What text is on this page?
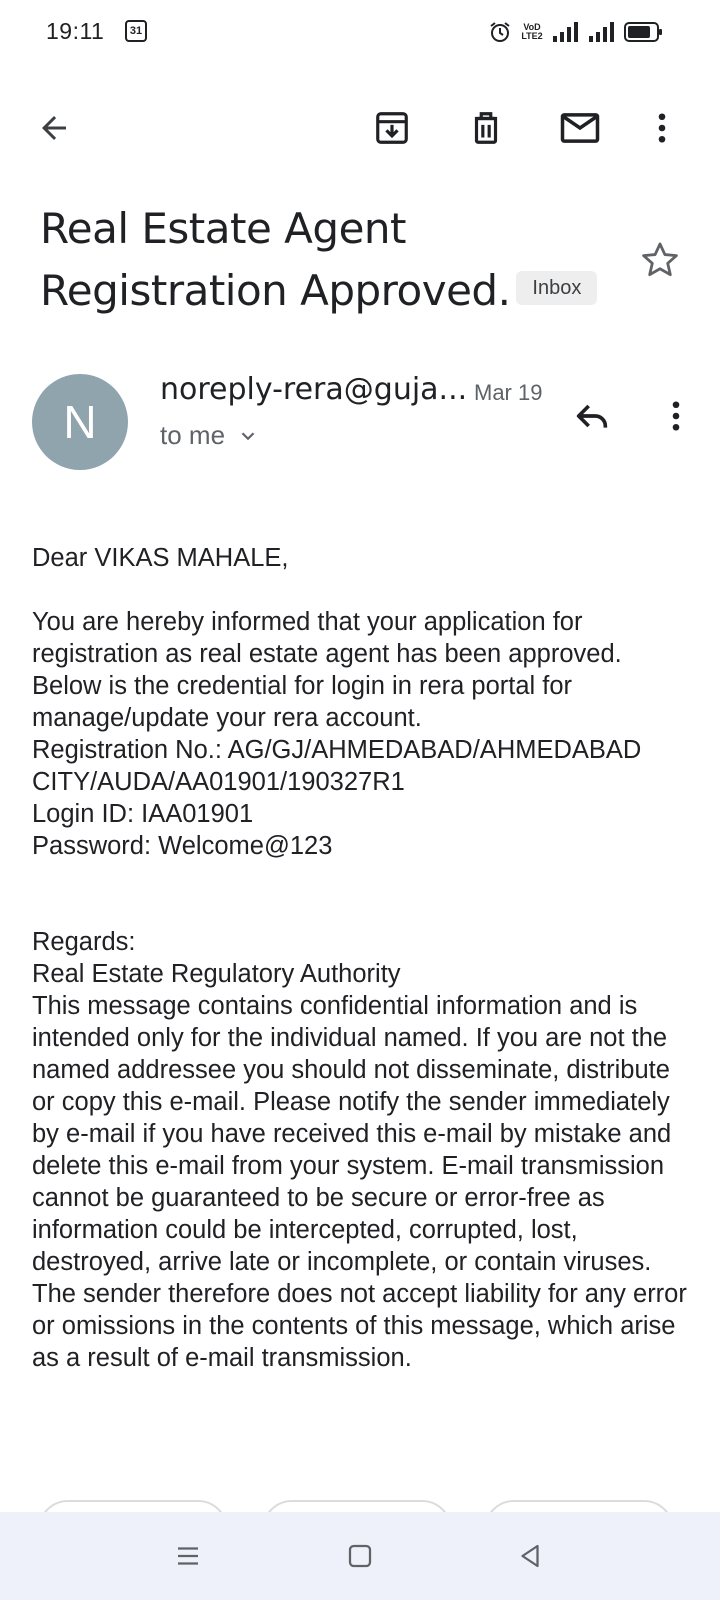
19:11	31	VoD
LTE2
Real Estate Agent
Registration Approved. Inbox
N
noreply-rera@guja... Mar 19
to me

Dear VIKAS MAHALE,

You are hereby informed that your application for registration as real estate agent has been approved. Below is the credential for login in rera portal for manage/update your rera account.

Registration No.: AG/GJ/AHMEDABAD/AHMEDABAD CITY/AUDA/AA01901/190327R1

Login ID: IAA01901

Password: Welcome@123

Regards:

Real Estate Regulatory Authority

This message contains confidential information and is intended only for the individual named. If you are not the named addressee you should not disseminate, distribute or copy this e-mail. Please notify the sender immediately by e-mail if you have received this e-mail by mistake and delete this e-mail from your system. E-mail transmission cannot be guaranteed to be secure or error-free as information could be intercepted, corrupted, lost, destroyed, arrive late or incomplete, or contain viruses. The sender therefore does not accept liability for any error or omissions in the contents of this message, which arise as a result of e-mail transmission.
